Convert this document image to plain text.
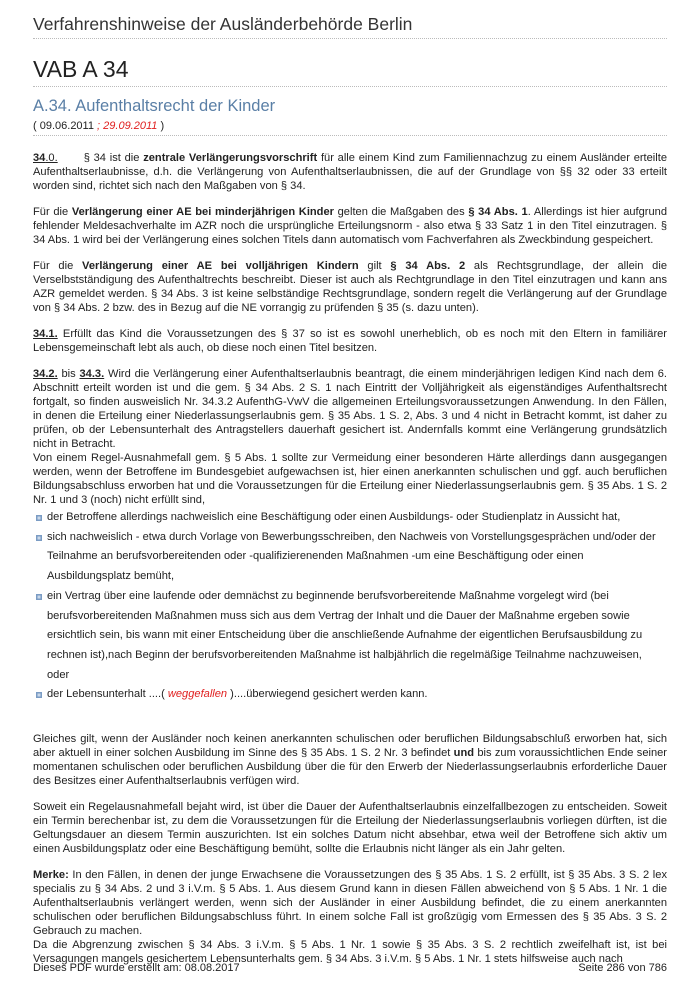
Verfahrenshinweise der Ausländerbehörde Berlin
VAB A 34
A.34. Aufenthaltsrecht der Kinder
( 09.06.2011 ; 29.09.2011 )

34.0. § 34 ist die zentrale Verlängerungsvorschrift für alle einem Kind zum Familiennachzug zu einem Ausländer erteilte Aufenthaltserlaubnisse, d.h. die Verlängerung von Aufenthaltserlaubnissen, die auf der Grundlage von §§ 32 oder 33 erteilt worden sind, richtet sich nach den Maßgaben von § 34.

Für die Verlängerung einer AE bei minderjährigen Kinder gelten die Maßgaben des § 34 Abs. 1. Allerdings ist hier aufgrund fehlender Meldesachverhalte im AZR noch die ursprüngliche Erteilungsnorm - also etwa § 33 Satz 1 in den Titel einzutragen. § 34 Abs. 1 wird bei der Verlängerung eines solchen Titels dann automatisch vom Fachverfahren als Zweckbindung gespeichert.

Für die Verlängerung einer AE bei volljährigen Kindern gilt § 34 Abs. 2 als Rechtsgrundlage, der allein die Verselbstständigung des Aufenthaltrechts beschreibt. Dieser ist auch als Rechtgrundlage in den Titel einzutragen und kann ans AZR gemeldet werden. § 34 Abs. 3 ist keine selbständige Rechtsgrundlage, sondern regelt die Verlängerung auf der Grundlage von § 34 Abs. 2 bzw. des in Bezug auf die NE vorrangig zu prüfenden § 35 (s. dazu unten).

34.1. Erfüllt das Kind die Voraussetzungen des § 37 so ist es sowohl unerheblich, ob es noch mit den Eltern in familiärer Lebensgemeinschaft lebt als auch, ob diese noch einen Titel besitzen.

34.2. bis 34.3. Wird die Verlängerung einer Aufenthaltserlaubnis beantragt, die einem minderjährigen ledigen Kind nach dem 6. Abschnitt erteilt worden ist und die gem. § 34 Abs. 2 S. 1 nach Eintritt der Volljährigkeit als eigenständiges Aufenthaltsrecht fortgalt, so finden ausweislich Nr. 34.3.2 AufenthG-VwV die allgemeinen Erteilungsvoraussetzungen Anwendung. In den Fällen, in denen die Erteilung einer Niederlassungserlaubnis gem. § 35 Abs. 1 S. 2, Abs. 3 und 4 nicht in Betracht kommt, ist daher zu prüfen, ob der Lebensunterhalt des Antragstellers dauerhaft gesichert ist. Andernfalls kommt eine Verlängerung grundsätzlich nicht in Betracht.

Von einem Regel-Ausnahmefall gem. § 5 Abs. 1 sollte zur Vermeidung einer besonderen Härte allerdings dann ausgegangen werden, wenn der Betroffene im Bundesgebiet aufgewachsen ist, hier einen anerkannten schulischen und ggf. auch beruflichen Bildungsabschluss erworben hat und die Voraussetzungen für die Erteilung einer Niederlassungserlaubnis gem. § 35 Abs. 1 S. 2 Nr. 1 und 3 (noch) nicht erfüllt sind,

der Betroffene allerdings nachweislich eine Beschäftigung oder einen Ausbildungs- oder Studienplatz in Aussicht hat,
sich nachweislich - etwa durch Vorlage von Bewerbungsschreiben, den Nachweis von Vorstellungsgesprächen und/oder der Teilnahme an berufsvorbereitenden oder -qualifizierenenden Maßnahmen -um eine Beschäftigung oder einen Ausbildungsplatz bemüht,
ein Vertrag über eine laufende oder demnächst zu beginnende berufsvorbereitende Maßnahme vorgelegt wird (bei berufsvorbereitenden Maßnahmen muss sich aus dem Vertrag der Inhalt und die Dauer der Maßnahme ergeben sowie ersichtlich sein, bis wann mit einer Entscheidung über die anschließende Aufnahme der eigentlichen Berufsausbildung zu rechnen ist),nach Beginn der berufsvorbereitenden Maßnahme ist halbjährlich die regelmäßige Teilnahme nachzuweisen, oder
der Lebensunterhalt ....( weggefallen )....überwiegend gesichert werden kann.

Gleiches gilt, wenn der Ausländer noch keinen anerkannten schulischen oder beruflichen Bildungsabschluß erworben hat, sich aber aktuell in einer solchen Ausbildung im Sinne des § 35 Abs. 1 S. 2 Nr. 3 befindet und bis zum voraussichtlichen Ende seiner momentanen schulischen oder beruflichen Ausbildung über die für den Erwerb der Niederlassungserlaubnis erforderliche Dauer des Besitzes einer Aufenthaltserlaubnis verfügen wird.

Soweit ein Regelausnahmefall bejaht wird, ist über die Dauer der Aufenthaltserlaubnis einzelfallbezogen zu entscheiden. Soweit ein Termin berechenbar ist, zu dem die Voraussetzungen für die Erteilung der Niederlassungserlaubnis vorliegen dürften, ist die Geltungsdauer an diesem Termin auszurichten. Ist ein solches Datum nicht absehbar, etwa weil der Betroffene sich aktiv um einen Ausbildungsplatz oder eine Beschäftigung bemüht, sollte die Erlaubnis nicht länger als ein Jahr gelten.

Merke: In den Fällen, in denen der junge Erwachsene die Voraussetzungen des § 35 Abs. 1 S. 2 erfüllt, ist § 35 Abs. 3 S. 2 lex specialis zu § 34 Abs. 2 und 3 i.V.m. § 5 Abs. 1. Aus diesem Grund kann in diesen Fällen abweichend von § 5 Abs. 1 Nr. 1 die Aufenthaltserlaubnis verlängert werden, wenn sich der Ausländer in einer Ausbildung befindet, die zu einem anerkannten schulischen oder beruflichen Bildungsabschluss führt. In einem solche Fall ist großzügig vom Ermessen des § 35 Abs. 3 S. 2 Gebrauch zu machen.

Da die Abgrenzung zwischen § 34 Abs. 3 i.V.m. § 5 Abs. 1 Nr. 1 sowie § 35 Abs. 3 S. 2 rechtlich zweifelhaft ist, ist bei Versagungen mangels gesichertem Lebensunterhalts gem. § 34 Abs. 3 i.V.m. § 5 Abs. 1 Nr. 1 stets hilfsweise auch nach

Dieses PDF wurde erstellt am: 08.08.2017	Seite 286 von 786
